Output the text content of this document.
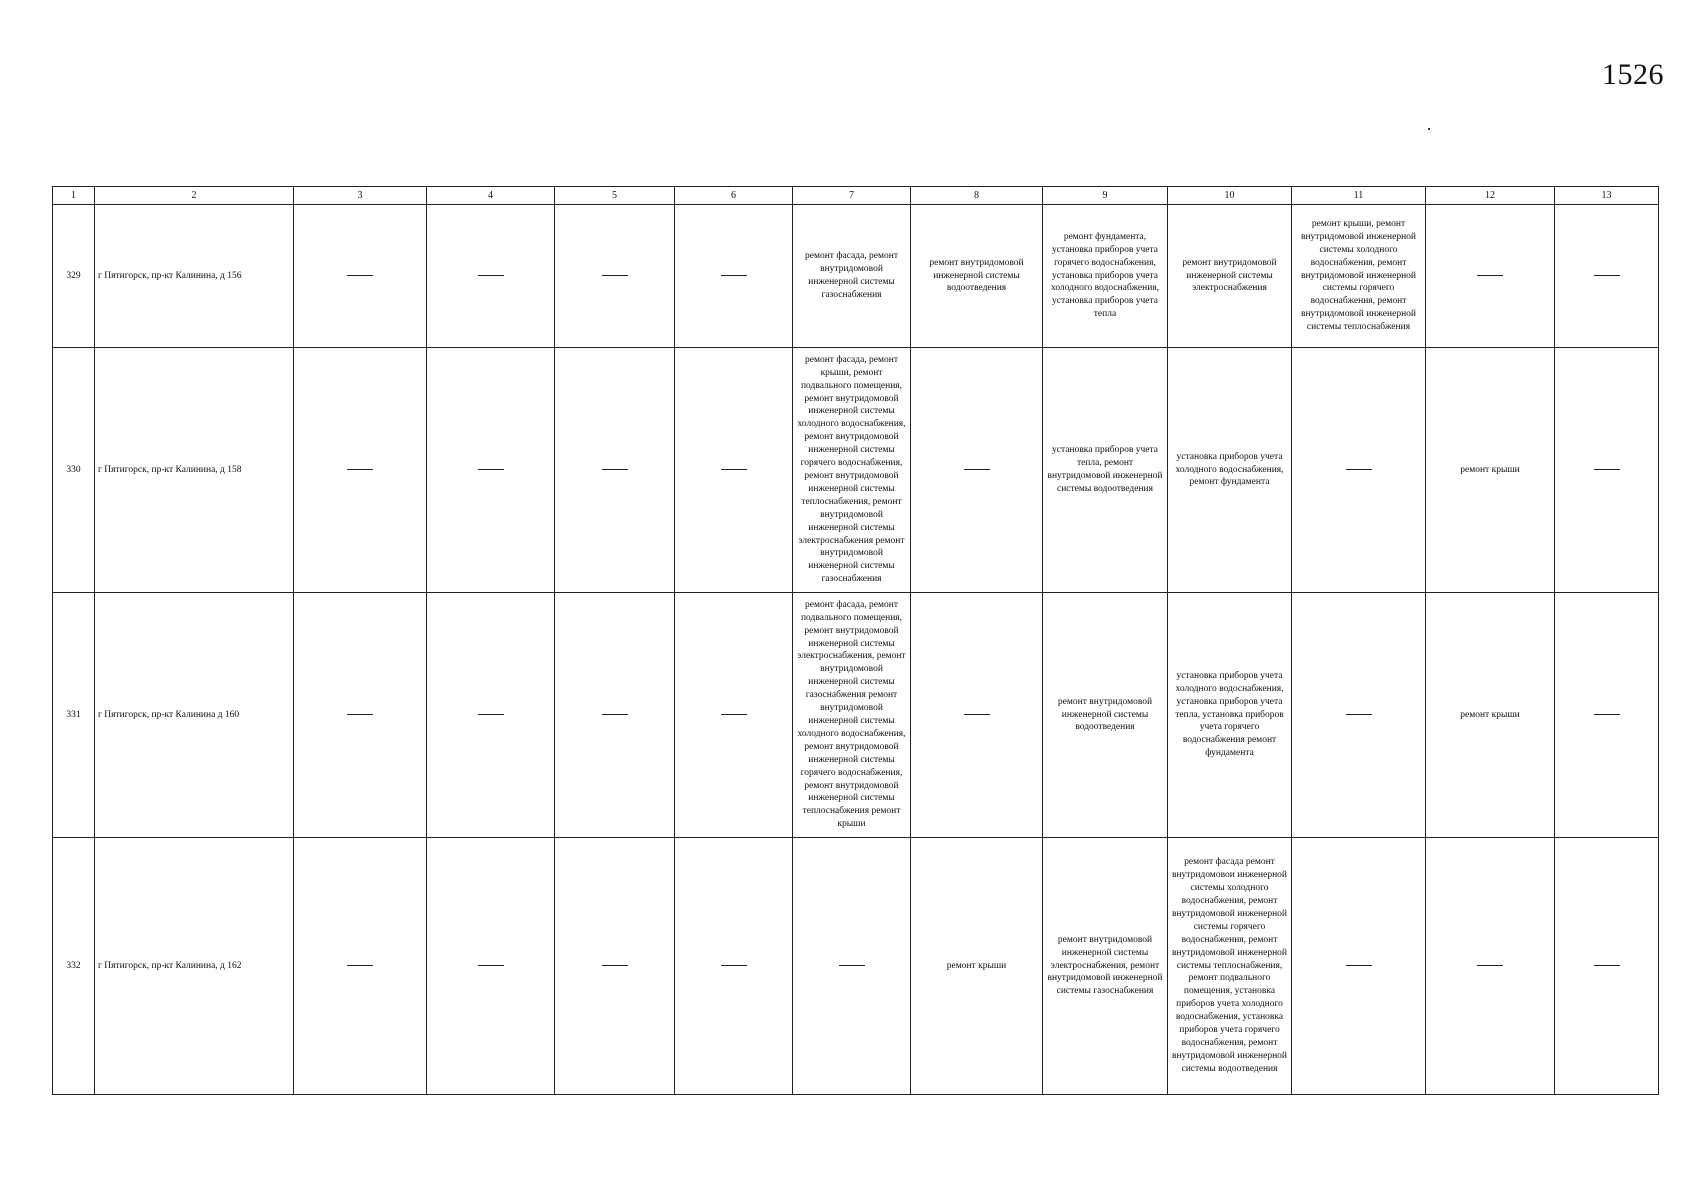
1526
1	2	3	4	5	6	7	8	9	10	11	12	13
329	г Пятигорск, пр-кт Калинина, д 156					ремонт фасада, ремонт внутридомовой инженерной системы газоснабжения	ремонт внутридомовой инженерной системы водоотведения	ремонт фундамента, установка приборов учета горячего водоснабжения, установка приборов учета холодного водоснабжения, установка приборов учета тепла	ремонт внутридомовой инженерной системы электроснабжения	ремонт крыши, ремонт внутридомовой инженерной системы холодного водоснабжения, ремонт внутридомовой инженерной системы горячего водоснабжения, ремонт внутридомовой инженерной системы теплоснабжения		
330	г Пятигорск, пр-кт Калинина, д 158					ремонт фасада, ремонт крыши, ремонт подвального помещения, ремонт внутридомовой инженерной системы холодного водоснабжения, ремонт внутридомовой инженерной системы горячего водоснабжения, ремонт внутридомовой инженерной системы теплоснабжения, ремонт внутридомовой инженерной системы электроснабжения ремонт внутридомовой инженерной системы газоснабжения		установка приборов учета тепла, ремонт внутридомовой инженерной системы водоотведения	установка приборов учета холодного водоснабжения, ремонт фундамента		ремонт крыши	
331	г Пятигорск, пр-кт Калинина д 160					ремонт фасада, ремонт подвального помещения, ремонт внутридомовой инженерной системы электроснабжения, ремонт внутридомовой инженерной системы газоснабжения ремонт внутридомовой инженерной системы холодного водоснабжения, ремонт внутридомовой инженерной системы горячего водоснабжения, ремонт внутридомовой инженерной системы теплоснабжения ремонт крыши		ремонт внутридомовой инженерной системы водоотведения	установка приборов учета холодного водоснабжения, установка приборов учета тепла, установка приборов учета горячего водоснабжения ремонт фундамента		ремонт крыши	
332	г Пятигорск, пр-кт Калинина, д 162						ремонт крыши	ремонт внутридомовой инженерной системы электроснабжения, ремонт внутридомовой инженерной системы газоснабжения	ремонт фасада ремонт внутридомовои инженерной системы холодного водоснабжения, ремонт внутридомовой инженерной системы горячего водоснабжения, ремонт внутридомовой инженерной системы теплоснабжения, ремонт подвального помещения, установка приборов учета холодного водоснабжения, установка приборов учета горячего водоснабжения, ремонт внутридомовой инженерной системы водоотведения			
